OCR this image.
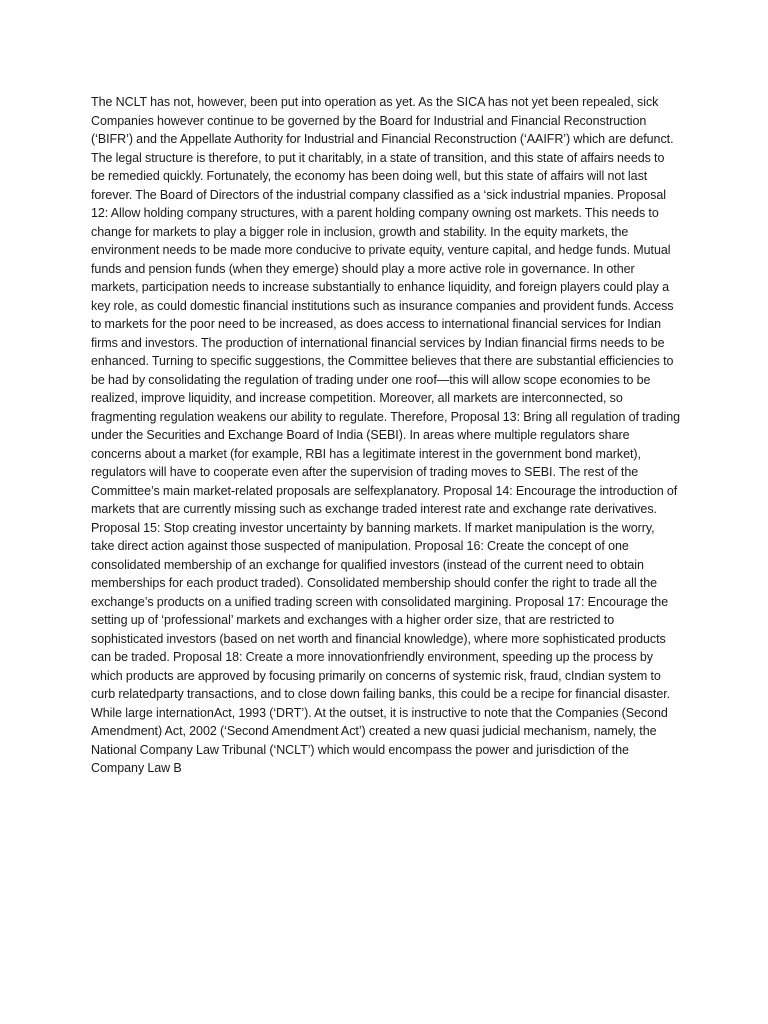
The NCLT has not, however, been put into operation as yet. As the SICA has not yet been repealed, sick Companies however continue to be governed by the Board for Industrial and Financial Reconstruction (‘BIFR’) and the Appellate Authority for Industrial and Financial Reconstruction (‘AAIFR’) which are defunct. The legal structure is therefore, to put it charitably, in a state of transition, and this state of affairs needs to be remedied quickly. Fortunately, the economy has been doing well, but this state of affairs will not last forever. The Board of Directors of the industrial company classified as a ‘sick industrial mpanies. Proposal 12: Allow holding company structures, with a parent holding company owning ost markets. This needs to change for markets to play a bigger role in inclusion, growth and stability. In the equity markets, the environment needs to be made more conducive to private equity, venture capital, and hedge funds. Mutual funds and pension funds (when they emerge) should play a more active role in governance. In other markets, participation needs to increase substantially to enhance liquidity, and foreign players could play a key role, as could domestic financial institutions such as insurance companies and provident funds. Access to markets for the poor need to be increased, as does access to international financial services for Indian firms and investors. The production of international financial services by Indian financial firms needs to be enhanced. Turning to specific suggestions, the Committee believes that there are substantial efficiencies to be had by consolidating the regulation of trading under one roof—this will allow scope economies to be realized, improve liquidity, and increase competition. Moreover, all markets are interconnected, so fragmenting regulation weakens our ability to regulate. Therefore, Proposal 13: Bring all regulation of trading under the Securities and Exchange Board of India (SEBI). In areas where multiple regulators share concerns about a market (for example, RBI has a legitimate interest in the government bond market), regulators will have to cooperate even after the supervision of trading moves to SEBI. The rest of the Committee’s main market-related proposals are selfexplanatory. Proposal 14: Encourage the introduction of markets that are currently missing such as exchange traded interest rate and exchange rate derivatives. Proposal 15: Stop creating investor uncertainty by banning markets. If market manipulation is the worry, take direct action against those suspected of manipulation. Proposal 16: Create the concept of one consolidated membership of an exchange for qualified investors (instead of the current need to obtain memberships for each product traded). Consolidated membership should confer the right to trade all the exchange’s products on a unified trading screen with consolidated margining. Proposal 17: Encourage the setting up of ‘professional’ markets and exchanges with a higher order size, that are restricted to sophisticated investors (based on net worth and financial knowledge), where more sophisticated products can be traded. Proposal 18: Create a more innovationfriendly environment, speeding up the process by which products are approved by focusing primarily on concerns of systemic risk, fraud, cIndian system to curb relatedparty transactions, and to close down failing banks, this could be a recipe for financial disaster. While large internationAct, 1993 (‘DRT’). At the outset, it is instructive to note that the Companies (Second Amendment) Act, 2002 (‘Second Amendment Act’) created a new quasi judicial mechanism, namely, the National Company Law Tribunal (‘NCLT’) which would encompass the power and jurisdiction of the Company Law B
